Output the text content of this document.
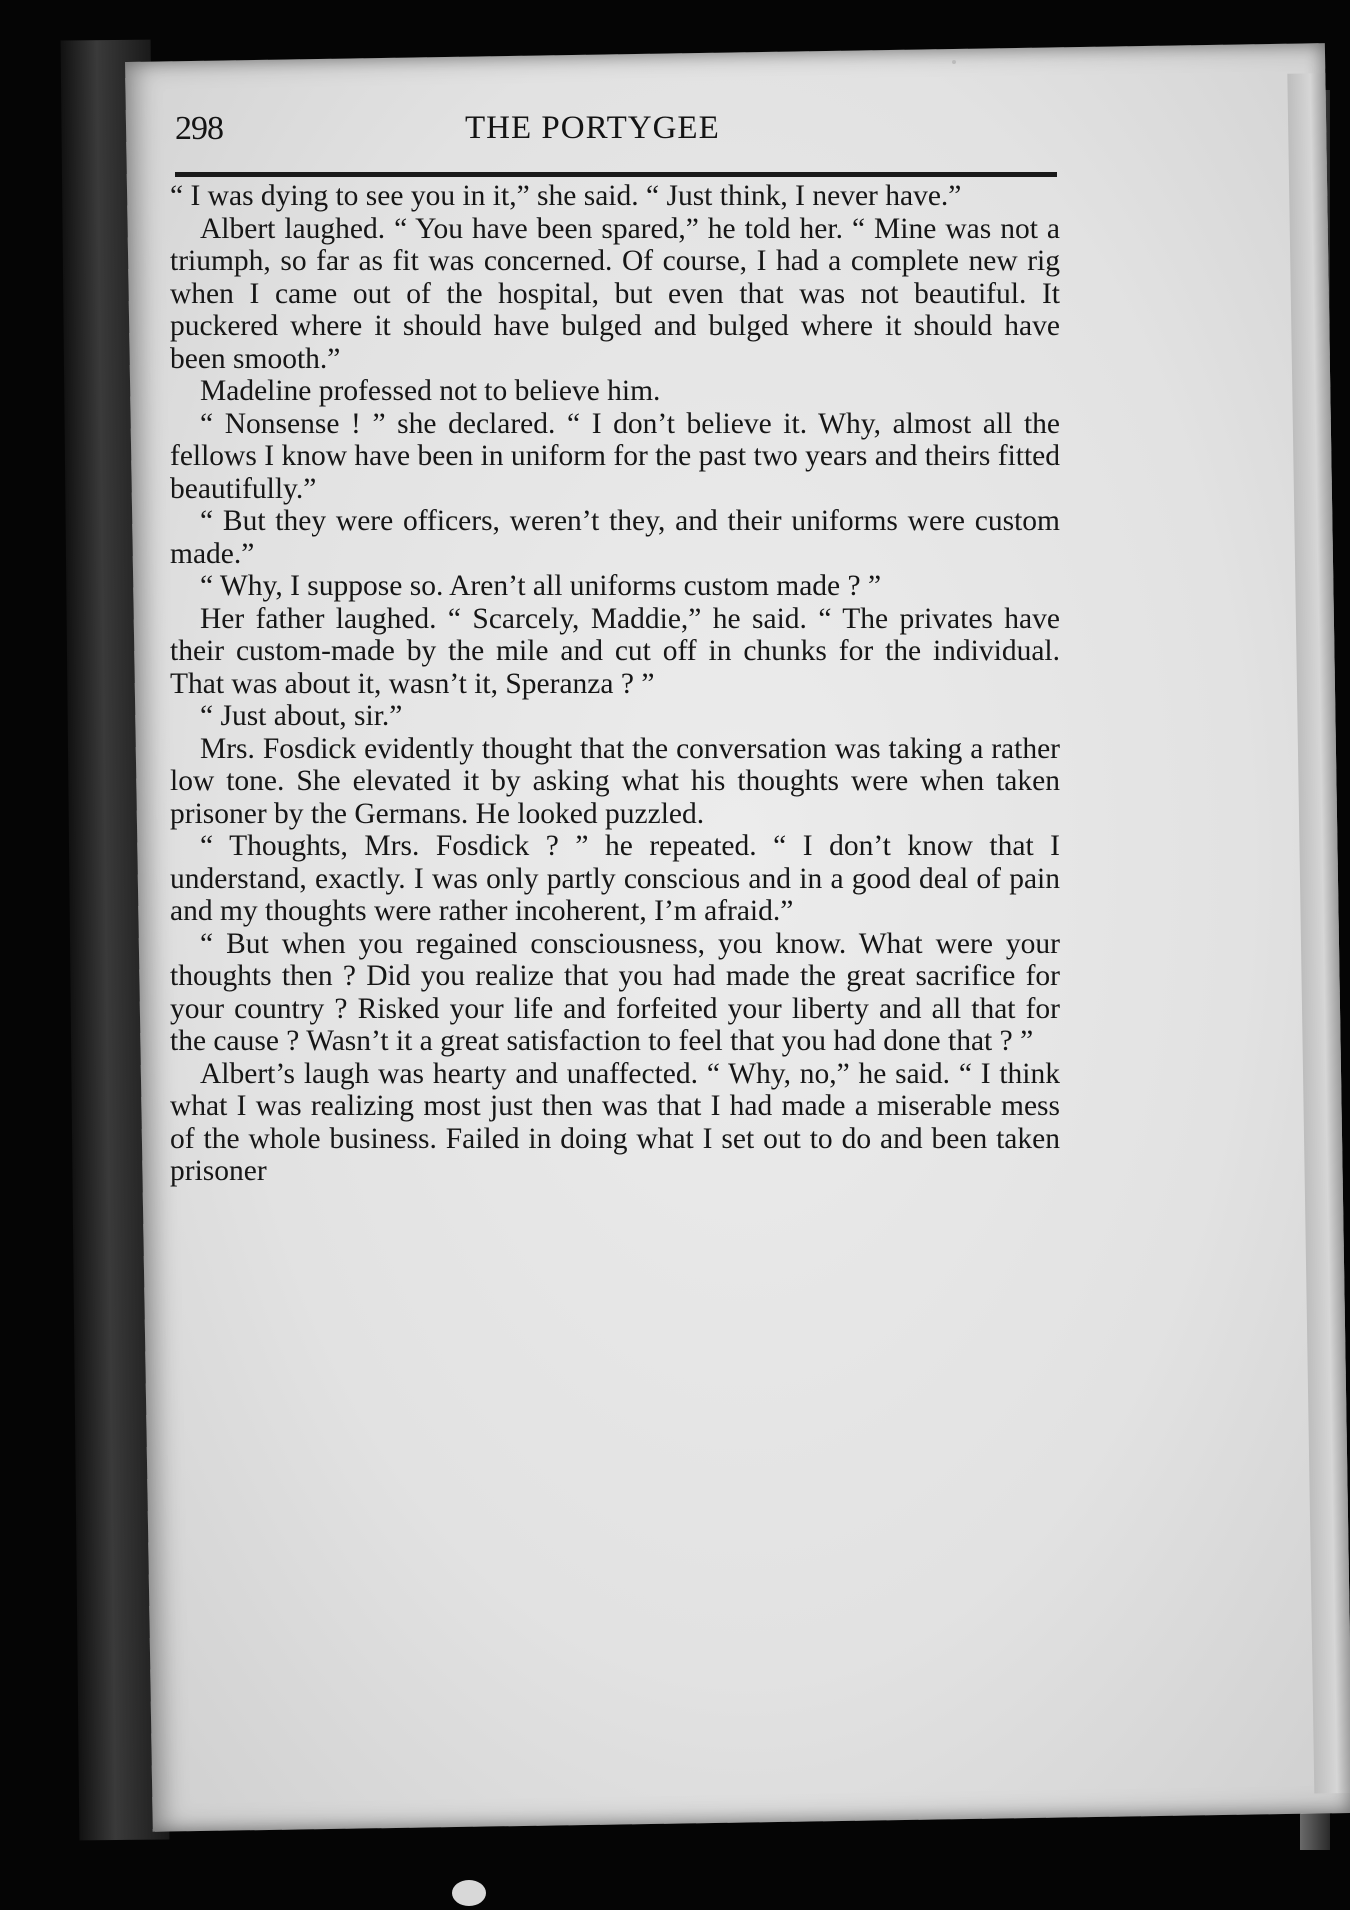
298	THE PORTYGEE

“ I was dying to see you in it,” she said. “ Just think, I never have.”

Albert laughed. “ You have been spared,” he told her. “ Mine was not a triumph, so far as fit was concerned. Of course, I had a complete new rig when I came out of the hospital, but even that was not beautiful. It puckered where it should have bulged and bulged where it should have been smooth.”

Madeline professed not to believe him.

“ Nonsense ! ” she declared. “ I don’t believe it. Why, almost all the fellows I know have been in uniform for the past two years and theirs fitted beautifully.”

“ But they were officers, weren’t they, and their uniforms were custom made.”

“ Why, I suppose so. Aren’t all uniforms custom made ? ”

Her father laughed. “ Scarcely, Maddie,” he said. “ The privates have their custom-made by the mile and cut off in chunks for the individual. That was about it, wasn’t it, Speranza ? ”

“ Just about, sir.”

Mrs. Fosdick evidently thought that the conversation was taking a rather low tone. She elevated it by asking what his thoughts were when taken prisoner by the Germans. He looked puzzled.

“ Thoughts, Mrs. Fosdick ? ” he repeated. “ I don’t know that I understand, exactly. I was only partly conscious and in a good deal of pain and my thoughts were rather incoherent, I’m afraid.”

“ But when you regained consciousness, you know. What were your thoughts then ? Did you realize that you had made the great sacrifice for your country ? Risked your life and forfeited your liberty and all that for the cause ? Wasn’t it a great satisfaction to feel that you had done that ? ”

Albert’s laugh was hearty and unaffected. “ Why, no,” he said. “ I think what I was realizing most just then was that I had made a miserable mess of the whole business. Failed in doing what I set out to do and been taken prisoner
